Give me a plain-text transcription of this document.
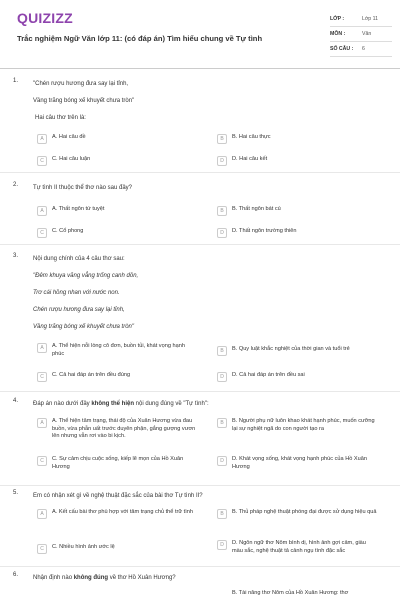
QUIZIZZ
Trắc nghiệm Ngữ Văn lớp 11: (có đáp án) Tìm hiểu chung về Tự tình
LỚP :	Lớp 11
MÔN :	Văn
SỐ CÂU :	6
1. "Chén rượu hương đưa say lại tỉnh,

Vầng trăng bóng xế khuyết chưa tròn"

Hai câu thơ trên là:

A	A. Hai câu đề	B	B. Hai câu thực
C	C. Hai câu luận	D	D. Hai câu kết
2. Tự tình II thuộc thể thơ nào sau đây?

A	A. Thất ngôn tứ tuyệt	B	B. Thất ngôn bát cú
C	C. Cổ phong	D	D. Thất ngôn trường thiên
3. Nội dung chính của 4 câu thơ sau:

"Đêm khuya văng vẳng trống canh dồn,

Trơ cái hồng nhan với nước non.

Chén rượu hương đưa say lại tỉnh,

Vầng trăng bóng xế khuyết chưa tròn"

A	A. Thể hiện nỗi lòng cô đơn, buồn tủi, khát vọng hạnh phúc	B	B. Quy luật khắc nghiệt của thời gian và tuổi trẻ
C	C. Cả hai đáp án trên đều đúng	D	D. Cả hai đáp án trên đều sai
4. Đáp án nào dưới đây không thể hiện nội dung đúng về "Tự tình":

A	A. Thể hiện tâm trạng, thái độ của Xuân Hương vừa đau buồn, vừa phẫn uất trước duyên phận, gắng gượng vươn lên nhưng vẫn rơi vào bi kịch.
B	B. Người phụ nữ luôn khao khát hạnh phúc, muốn cưỡng lại sự nghiệt ngã do con người tạo ra
C	C. Sự cảm chịu cuộc sống, kiếp lẽ mọn của Hồ Xuân Hương
D	D. Khát vọng sống, khát vọng hạnh phúc của Hồ Xuân Hương
5. Em có nhận xét gì về nghệ thuật đặc sắc của bài thơ Tự tình II?

A	A. Kết cấu bài thơ phù hợp với tâm trạng chủ thể trữ tình	B	B. Thủ pháp nghệ thuật phóng đại được sử dụng hiệu quả
C	C. Nhiều hình ảnh ước lệ	D	D. Ngôn ngữ thơ Nôm bình dị, hình ảnh gợi cảm, giàu màu sắc, nghệ thuật tả cảnh ngụ tình đặc sắc
6. Nhận định nào không đúng về thơ Hồ Xuân Hương?

B. Tài năng thơ Nôm của Hồ Xuân Hương: thơ
